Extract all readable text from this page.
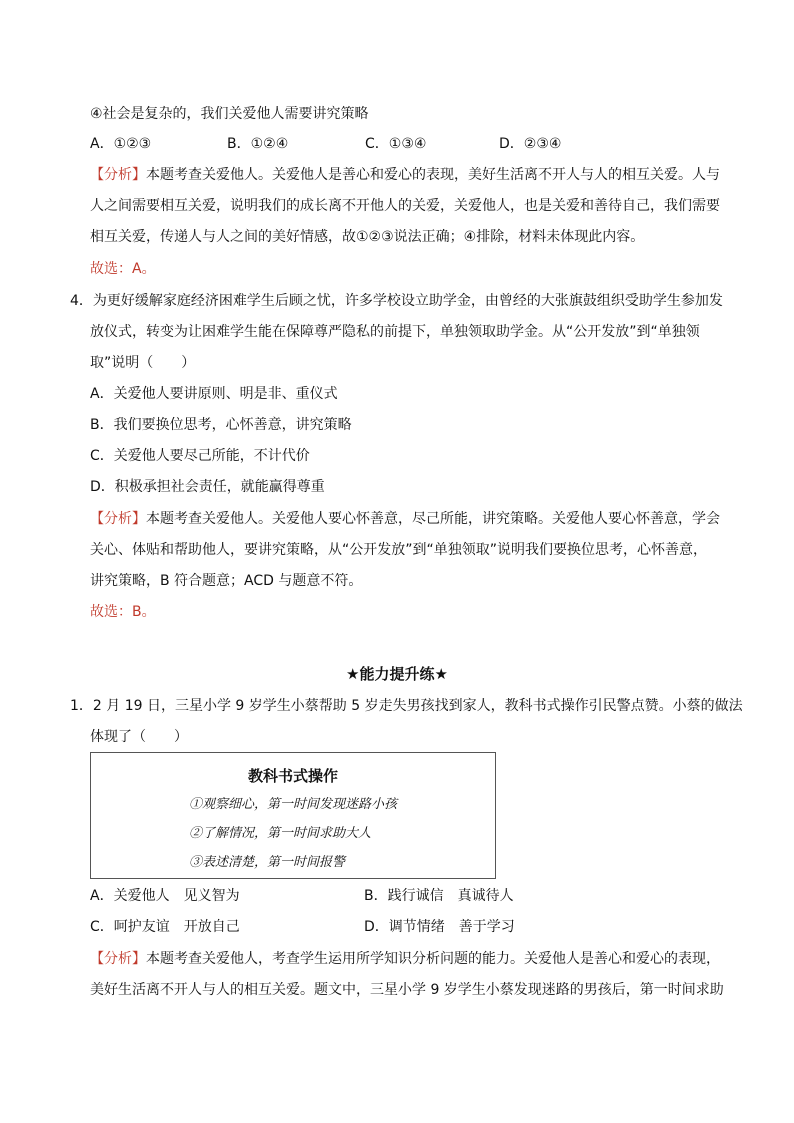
④社会是复杂的，我们关爱他人需要讲究策略
A．①②③	B．①②④	C．①③④	D．②③④
【分析】本题考查关爱他人。关爱他人是善心和爱心的表现，美好生活离不开人与人的相互关爱。人与
人之间需要相互关爱，说明我们的成长离不开他人的关爱，关爱他人，也是关爱和善待自己，我们需要
相互关爱，传递人与人之间的美好情感，故①②③说法正确；④排除，材料未体现此内容。
故选：A。
4．为更好缓解家庭经济困难学生后顾之忧，许多学校设立助学金，由曾经的大张旗鼓组织受助学生参加发
放仪式，转变为让困难学生能在保障尊严隐私的前提下，单独领取助学金。从“公开发放”到“单独领
取”说明（　　）
A．关爱他人要讲原则、明是非、重仪式
B．我们要换位思考，心怀善意，讲究策略
C．关爱他人要尽己所能，不计代价
D．积极承担社会责任，就能赢得尊重
【分析】本题考查关爱他人。关爱他人要心怀善意，尽己所能，讲究策略。关爱他人要心怀善意，学会
关心、体贴和帮助他人，要讲究策略，从“公开发放”到“单独领取”说明我们要换位思考，心怀善意，
讲究策略，B 符合题意；ACD 与题意不符。
故选：B。
★能力提升练★
1．2 月 19 日，三星小学 9 岁学生小蔡帮助 5 岁走失男孩找到家人，教科书式操作引民警点赞。小蔡的做法
体现了（　　）
教科书式操作
①观察细心，第一时间发现迷路小孩
②了解情况，第一时间求助大人
③表述清楚，第一时间报警
A．关爱他人　见义智为	B．践行诚信　真诚待人
C．呵护友谊　开放自己	D．调节情绪　善于学习
【分析】本题考查关爱他人，考查学生运用所学知识分析问题的能力。关爱他人是善心和爱心的表现，
美好生活离不开人与人的相互关爱。题文中，三星小学 9 岁学生小蔡发现迷路的男孩后，第一时间求助
